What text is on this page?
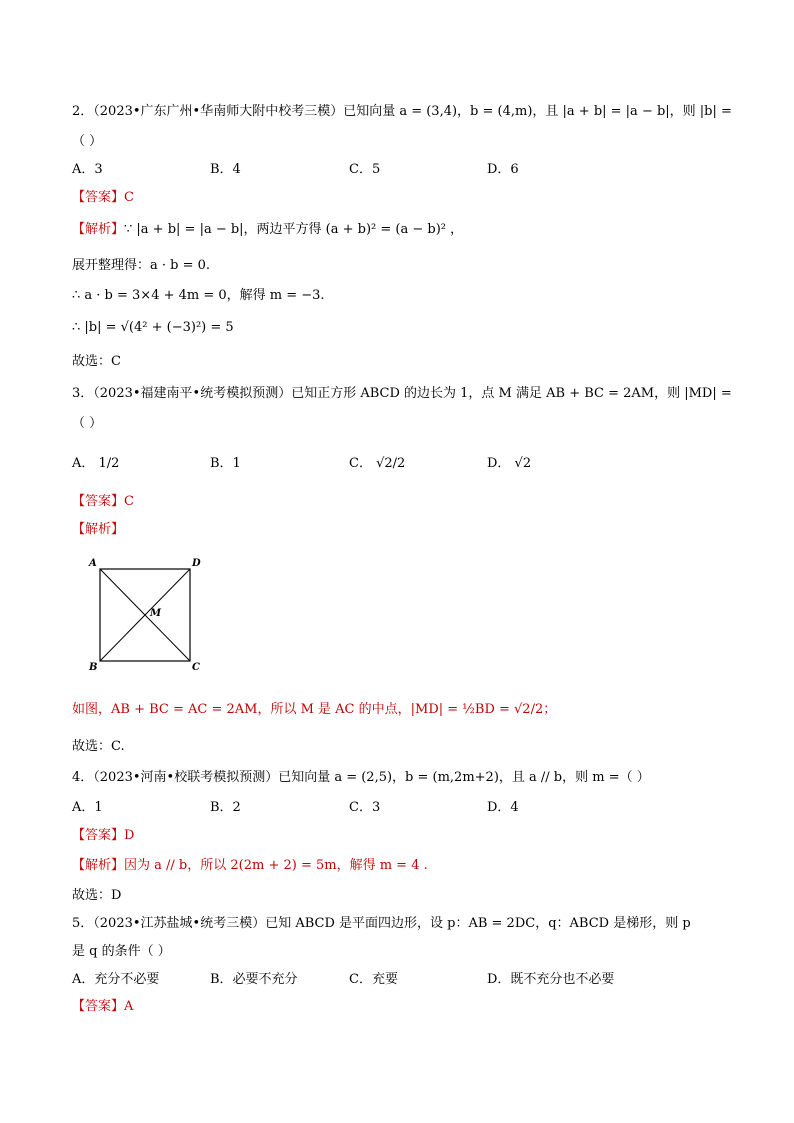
2．（2023•广东广州•华南师大附中校考三模）已知向量 a = (3,4)，b = (4,m)，且 |a + b| = |a − b|，则 |b| =
（ ）
A．3	B．4	C．5	D．6
【答案】C
【解析】∵ |a + b| = |a − b|，两边平方得 (a + b)² = (a − b)² ，
展开整理得：a · b = 0.
∴ a · b = 3×4 + 4m = 0，解得 m = −3.
∴ |b| = √(4² + (−3)²) = 5
故选：C
3．（2023•福建南平•统考模拟预测）已知正方形 ABCD 的边长为 1，点 M 满足 AB + BC = 2AM，则 |MD| =
（ ）
A． 1/2	B．1	C． √2/2	D． √2
【答案】C
【解析】
A	D
B	C
M
如图，AB + BC = AC = 2AM，所以 M 是 AC 的中点，|MD| = ½BD = √2/2；
故选：C.
4．（2023•河南•校联考模拟预测）已知向量 a = (2,5)，b = (m,2m+2)，且 a // b，则 m =（ ）
A．1	B．2	C．3	D．4
【答案】D
【解析】因为 a // b，所以 2(2m + 2) = 5m，解得 m = 4 .
故选：D
5．（2023•江苏盐城•统考三模）已知 ABCD 是平面四边形，设 p：AB = 2DC，q：ABCD 是梯形，则 p
是 q 的条件（ ）
A．充分不必要	B．必要不充分	C．充要	D．既不充分也不必要
【答案】A
